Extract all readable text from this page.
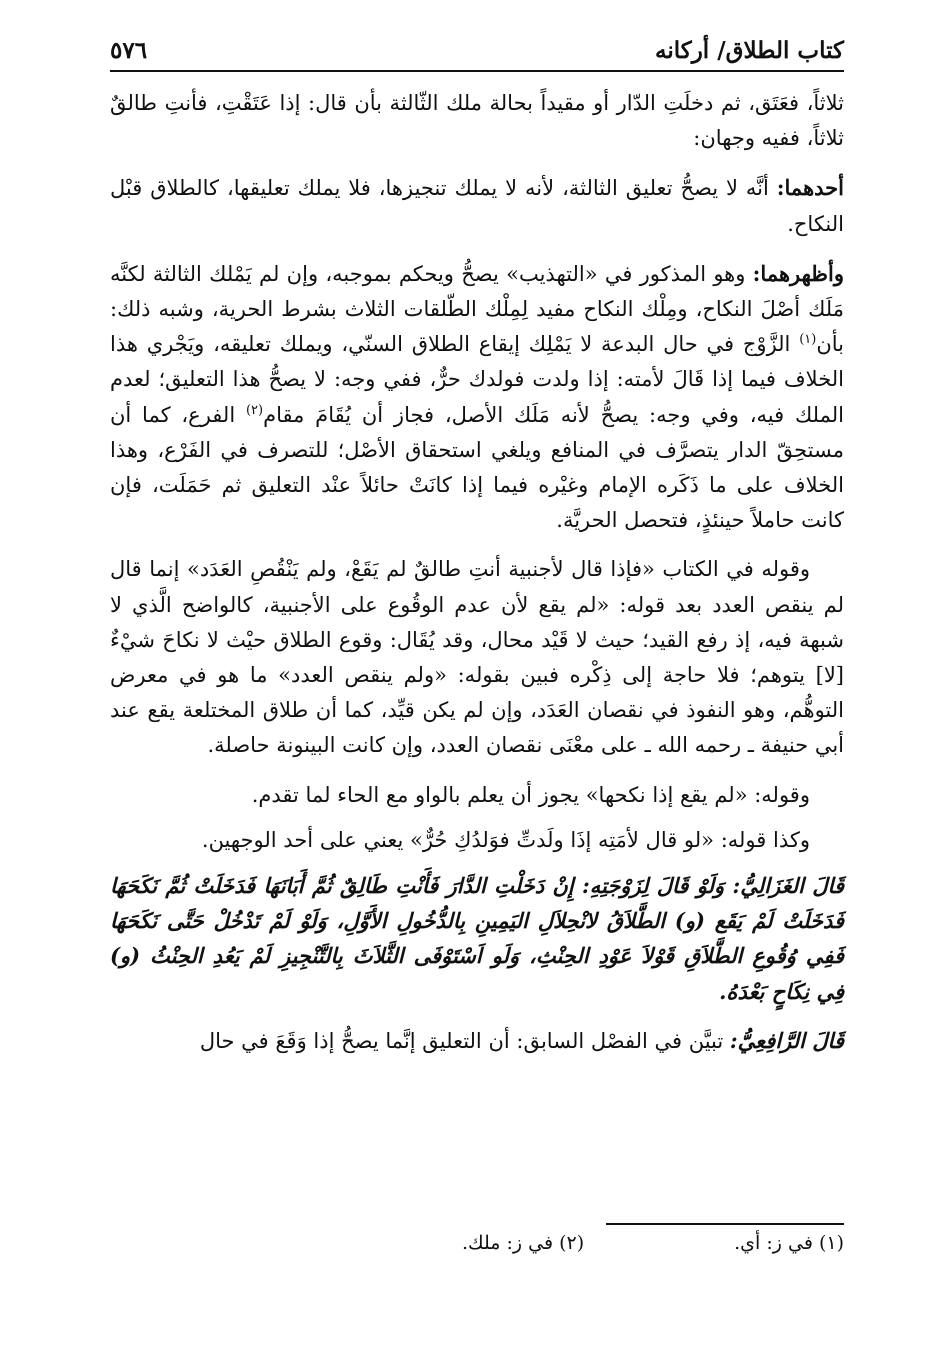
كتاب الطلاق/ أركانه
٥٧٦

ثلاثاً، فعَتَق، ثم دخلَتِ الدّار أو مقيداً بحالة ملك الثّالثة بأن قال: إذا عَتَقْتِ، فأنتِ طالقٌ ثلاثاً، ففيه وجهان:

أحدهما: أنَّه لا يصحُّ تعليق الثالثة، لأنه لا يملك تنجيزها، فلا يملك تعليقها، كالطلاق قبْل النكاح.

وأظهرهما: وهو المذكور في «التهذيب» يصحُّ ويحكم بموجبه، وإن لم يَمْلك الثالثة لكنَّه مَلَك أصْلَ النكاح، ومِلْك النكاح مفيد لِمِلْك الطّلقات الثلاث بشرط الحرية، وشبه ذلك: بأن$^{(١)}$ الزَّوْج في حال البدعة لا يَمْلِك إيقاع الطلاق السنّي، ويملك تعليقه، ويَجْري هذا الخلاف فيما إذا قَالَ لأمته: إذا ولدت فولدك حرٌّ، ففي وجه: لا يصحُّ هذا التعليق؛ لعدم الملك فيه، وفي وجه: يصحُّ لأنه مَلَك الأصل، فجاز أن يُقَامَ مقام$^{(٢)}$ الفرع، كما أن مستحِقّ الدار يتصرَّف في المنافع ويلغي استحقاق الأصْل؛ للتصرف في الفَرْع، وهذا الخلاف على ما ذَكَره الإمام وغيْره فيما إذا كانَتْ حائلاً عنْد التعليق ثم حَمَلَت، فإن كانت حاملاً حينئذٍ، فتحصل الحريَّة.

وقوله في الكتاب «فإذا قال لأجنبية أنتِ طالقٌ لم يَقَعْ، ولم يَنْقُصِ العَدَد» إنما قال لم ينقص العدد بعد قوله: «لم يقع لأن عدم الوقُوع على الأجنبية، كالواضح الَّذي لا شبهة فيه، إذ رفع القيد؛ حيث لا قَيْد محال، وقد يُقَال: وقوع الطلاق حيْث لا نكاحَ شيْءٌ [لا] يتوهم؛ فلا حاجة إلى ذِكْره فبين بقوله: «ولم ينقص العدد» ما هو في معرض التوهُّم، وهو النفوذ في نقصان العَدَد، وإن لم يكن قيِّد، كما أن طلاق المختلعة يقع عند أبي حنيفة ـ رحمه الله ـ على معْنَى نقصان العدد، وإن كانت البينونة حاصلة.

وقوله: «لم يقع إذا نكحها» يجوز أن يعلم بالواو مع الحاء لما تقدم.

وكذا قوله: «لو قال لأمَتِه إذَا ولَدتِّ فوَلدُكِ حُرٌّ» يعني على أحد الوجهين.

قَالَ الغَزَالِيُّ: وَلَوْ قَالَ لِزَوْجَتِهِ: إِنْ دَخَلْتِ الدَّارَ فَأَنْتِ طَالِقٌ ثُمَّ أَبَانَهَا فَدَخَلَتْ ثُمَّ نَكَحَهَا فَدَخَلَتْ لَمْ يَقَع (و) الطَّلاَقُ لانْحِلاَلِ اليَمِينِ بِالدُّخُولِ الأَوَّلِ، وَلَوْ لَمْ تَدْخُلْ حَتَّى نَكَحَهَا فَفِي وُقُوعِ الطَّلاَقِ قَوْلاَ عَوْدِ الحِنْثِ، وَلَو اَسْتَوْفَى الثَّلاَثَ بِالتَّنْجِيزِ لَمْ يَعُدِ الحِنْثُ (و) فِي نِكَاحٍ بَعْدَهُ.

قَالَ الرَّافِعِيُّ: تبيَّن في الفصْل السابق: أن التعليق إنَّما يصحُّ إذا وَقَعَ في حال

(١) في ز: أي.
(٢) في ز: ملك.
